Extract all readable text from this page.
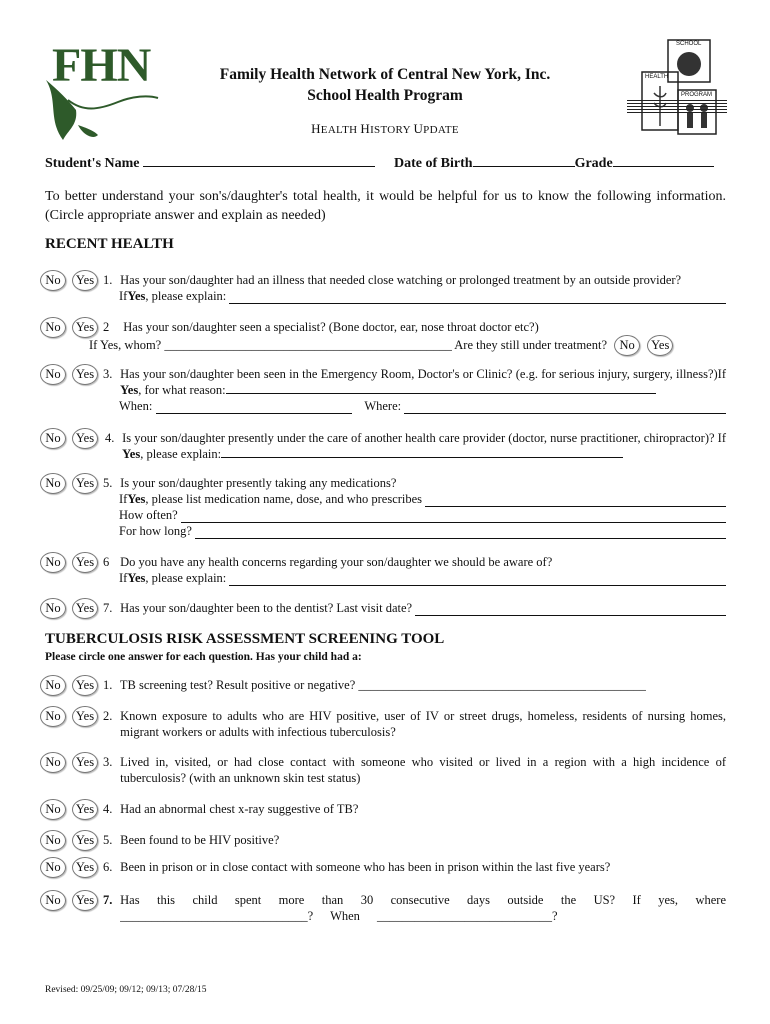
FHN	Family Health Network of Central New York, Inc.
School Health Program
HEALTH HISTORY UPDATE
SCHOOL
HEALTH
PROGRAM
Student's Name	Date of Birth	Grade
To better understand your son's/daughter's total health, it would be helpful for us to know the following information. (Circle appropriate answer and explain as needed)
RECENT HEALTH
No	Yes 1. Has your son/daughter had an illness that needed close watching or prolonged treatment by an outside provider?
If Yes , please explain:
No	Yes 2 Has your son/daughter seen a specialist? (Bone doctor, ear, nose throat doctor etc?)
If Yes, whom? ______________________________________________ Are they still under treatment? No Yes
No	Yes 3.
Has your son/daughter been seen in the Emergency Room, Doctor's or Clinic? (e.g. for serious injury, surgery, illness?)If Yes, for what reason:
When:	Where:
No	Yes 4.
Is your son/daughter presently under the care of another health care provider (doctor, nurse practitioner, chiropractor)? If Yes, please explain:
No	Yes 5. Is your son/daughter presently taking any medications?
If Yes , please list medication name, dose, and who prescribes
How often?
For how long?
No	Yes 6 Do you have any health concerns regarding your son/daughter we should be aware of?
If Yes , please explain:
No	Yes 7.
Has your son/daughter been to the dentist? Last visit date?
TUBERCULOSIS RISK ASSESSMENT SCREENING TOOL
Please circle one answer for each question. Has your child had a:
No	Yes 1. TB screening test? Result positive or negative? ______________________________________________
No	Yes 2.
Known exposure to adults who are HIV positive, user of IV or street drugs, homeless, residents of nursing homes, migrant workers or adults with infectious tuberculosis?
No	Yes 3.
Lived in, visited, or had close contact with someone who visited or lived in a region with a high incidence of tuberculosis? (with an unknown skin test status)
No	Yes 4. Had an abnormal chest x-ray suggestive of TB?
No	Yes 5. Been found to be HIV positive?
No	Yes 6. Been in prison or in close contact with someone who has been in prison within the last five years?
No	Yes 7.
Has this child spent more than 30 consecutive days outside the US? If yes, where ______________________________? When ____________________________?
Revised: 09/25/09; 09/12; 09/13; 07/28/15
